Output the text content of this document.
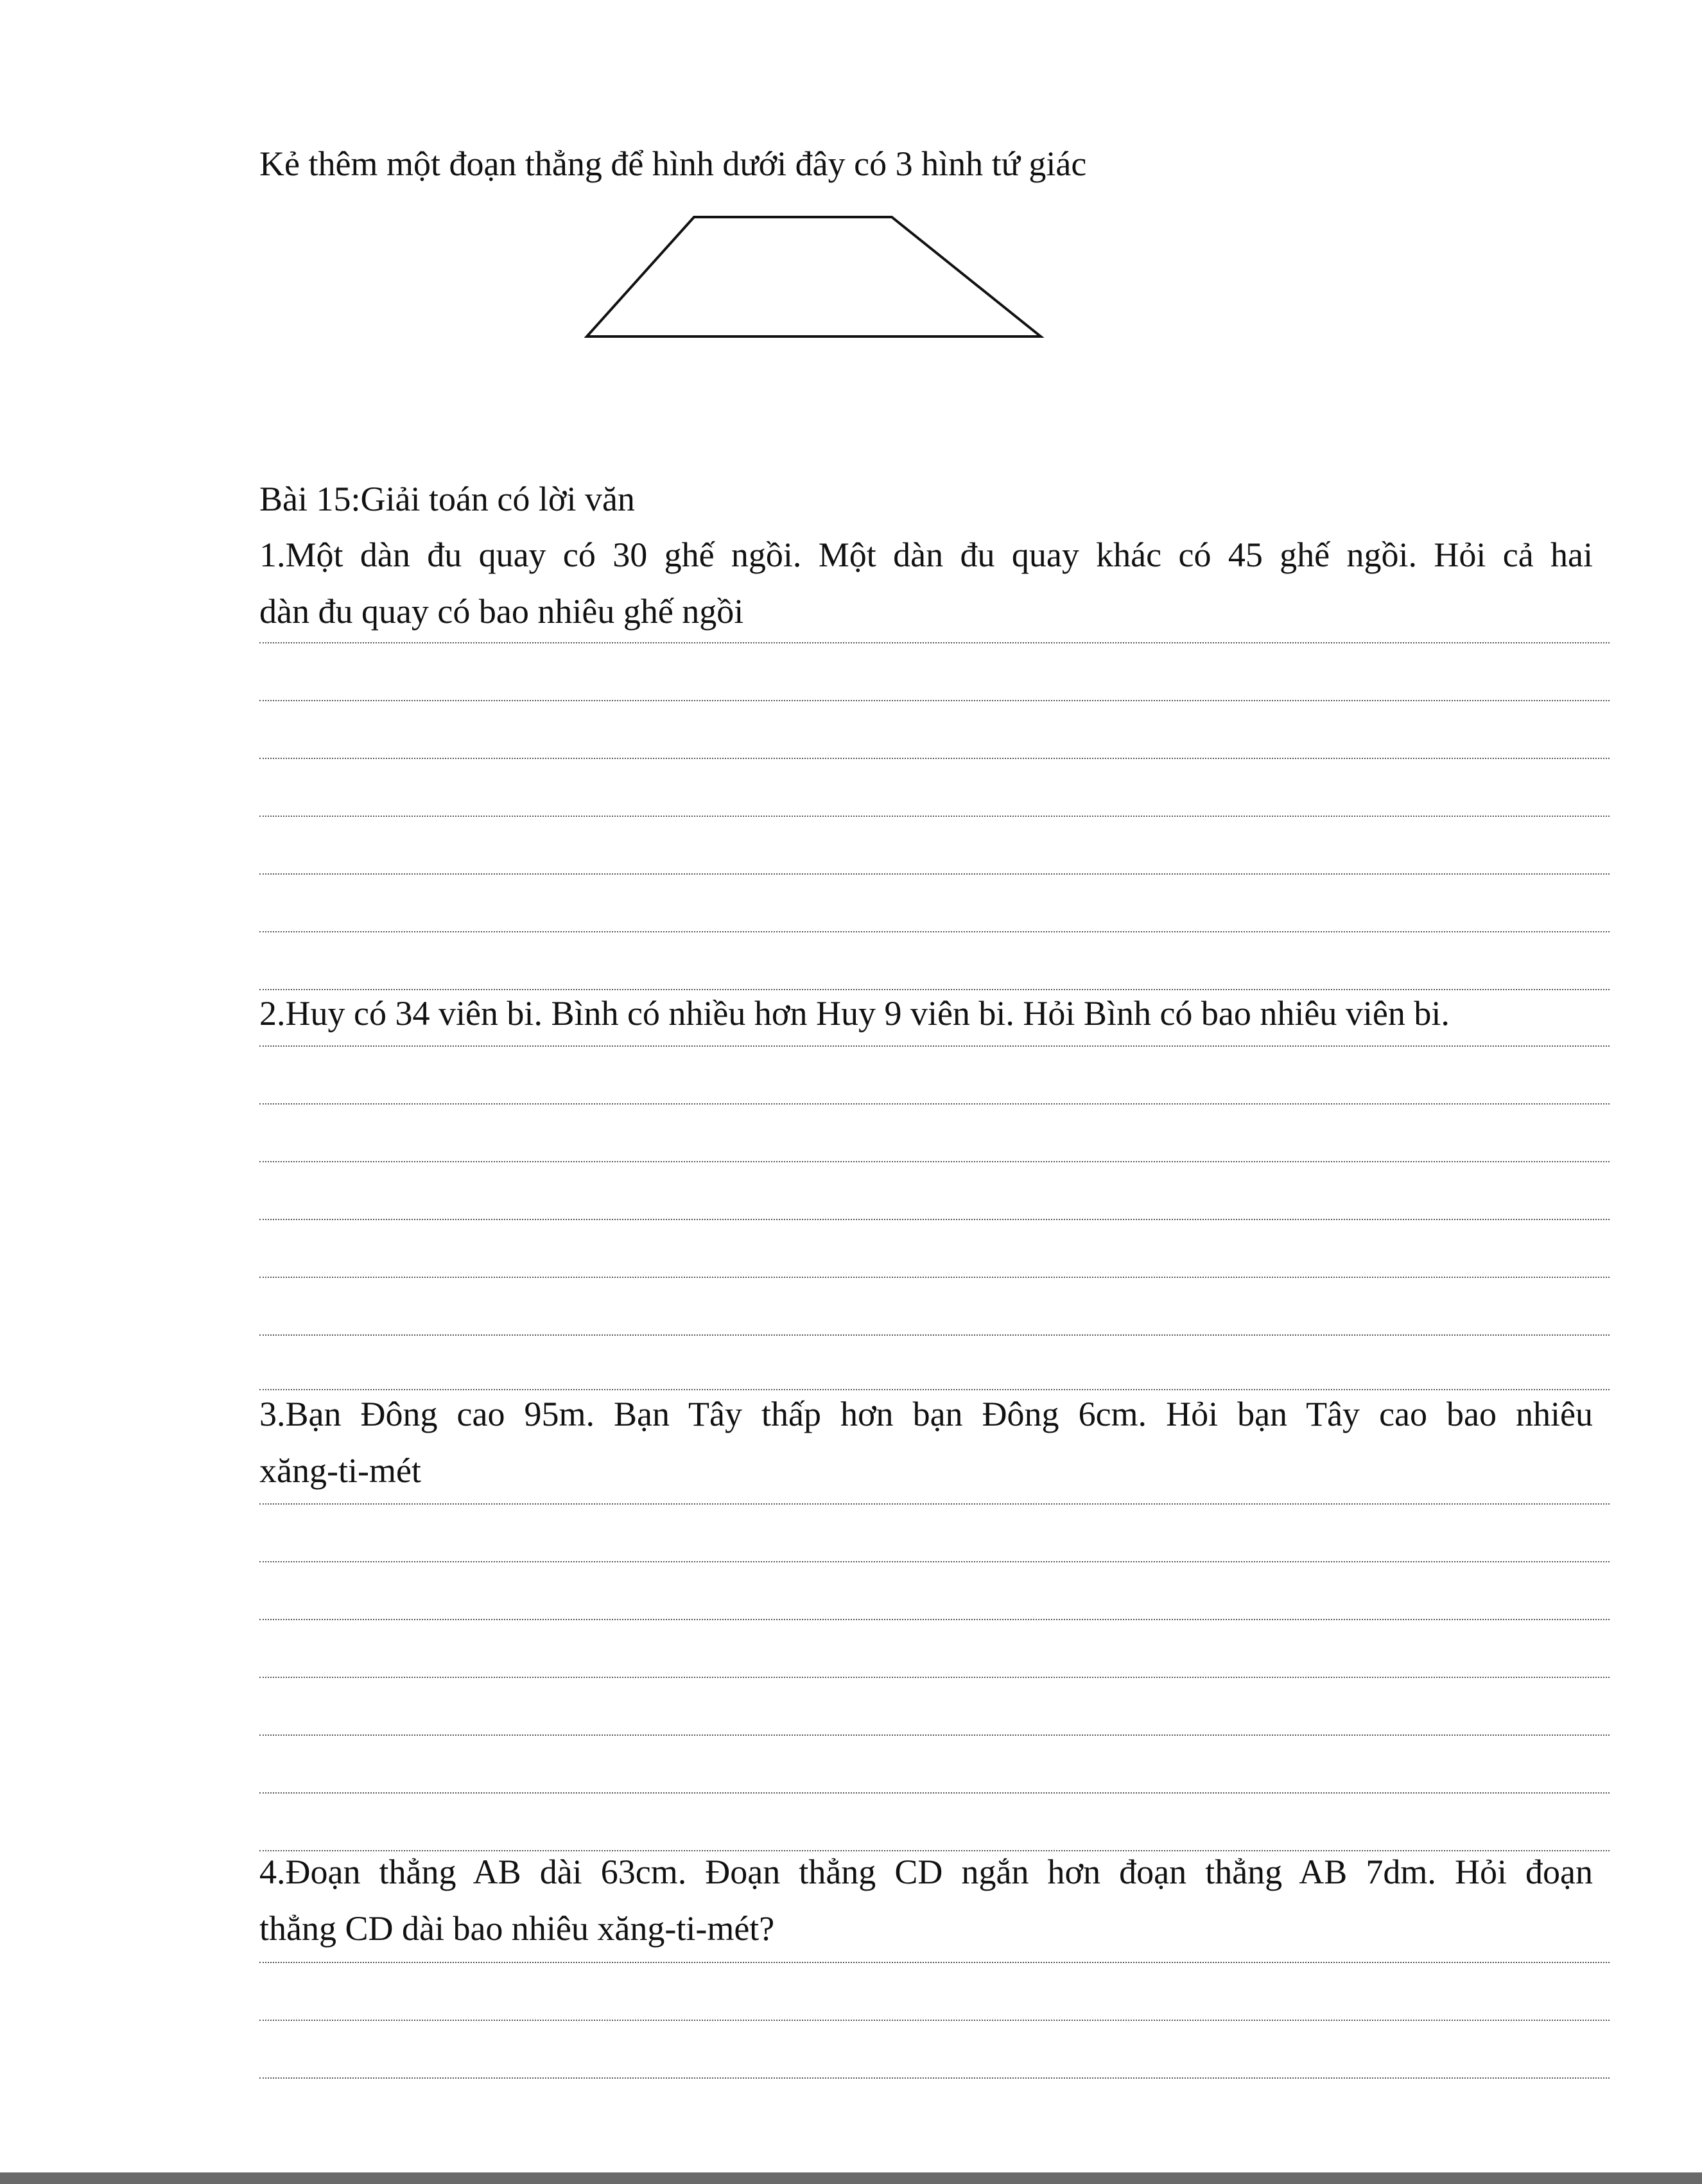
Kẻ thêm một đoạn thẳng để hình dưới đây có 3 hình tứ giác
Bài 15:Giải toán có lời văn
1.Một dàn đu quay có 30 ghế ngồi. Một dàn đu quay khác có 45 ghế ngồi. Hỏi cả hai
dàn đu quay có bao nhiêu ghế ngồi
2.Huy có 34 viên bi. Bình có nhiều hơn Huy 9 viên bi. Hỏi Bình có bao nhiêu viên bi.
3.Bạn Đông cao 95m. Bạn Tây thấp hơn bạn Đông 6cm. Hỏi bạn Tây cao bao nhiêu
xăng-ti-mét
4.Đoạn thẳng AB dài 63cm. Đoạn thẳng CD ngắn hơn đoạn thẳng AB 7dm. Hỏi đoạn
thẳng CD dài bao nhiêu xăng-ti-mét?
